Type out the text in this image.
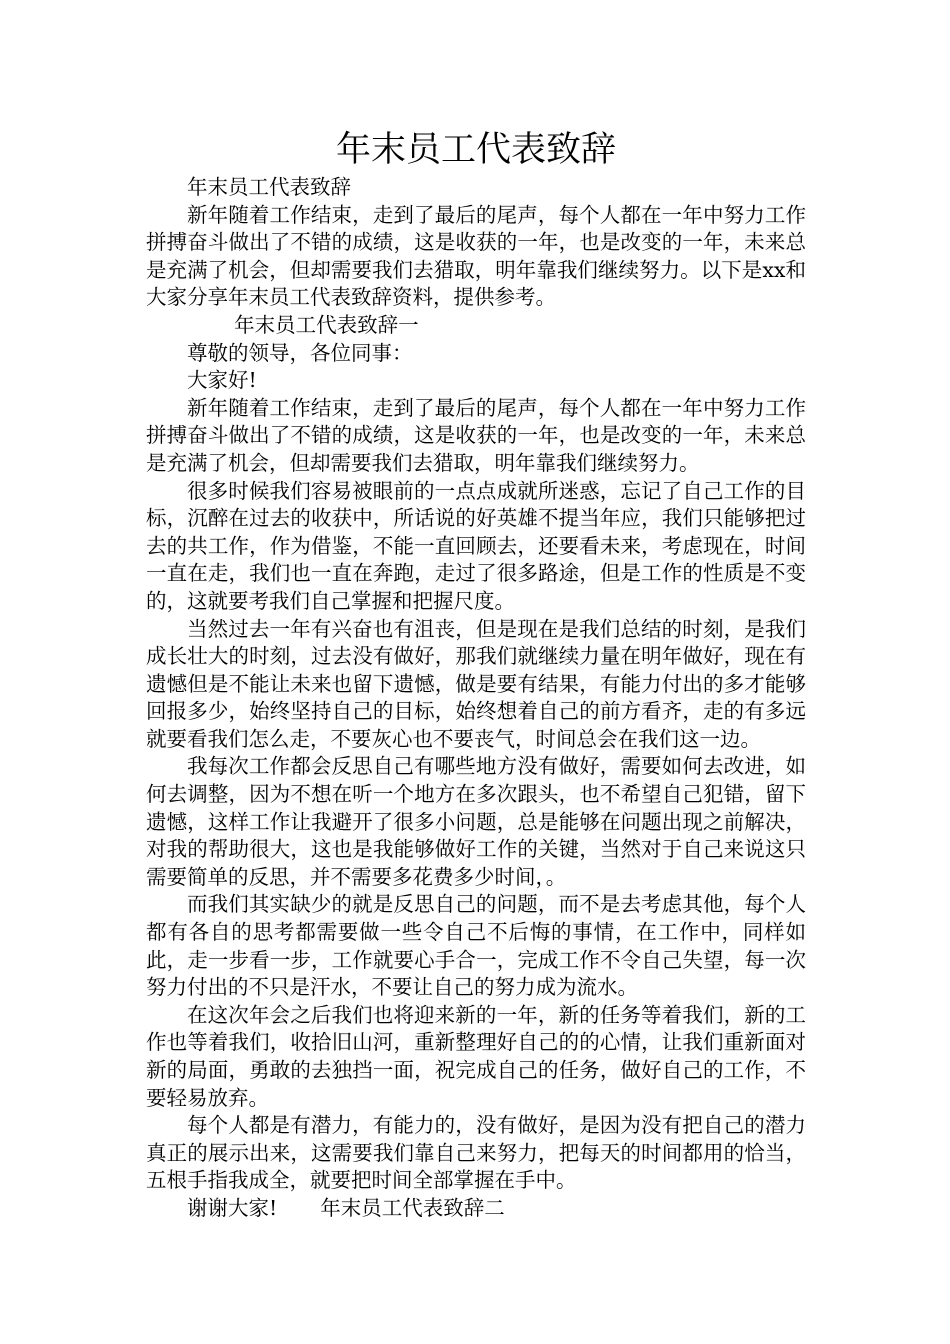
年末员工代表致辞

年末员工代表致辞

新年随着工作结束，走到了最后的尾声，每个人都在一年中努力工作拼搏奋斗做出了不错的成绩，这是收获的一年，也是改变的一年，未来总是充满了机会，但却需要我们去猎取，明年靠我们继续努力。以下是xx和大家分享年末员工代表致辞资料，提供参考。

年末员工代表致辞一

尊敬的领导，各位同事：

大家好!

新年随着工作结束，走到了最后的尾声，每个人都在一年中努力工作拼搏奋斗做出了不错的成绩，这是收获的一年，也是改变的一年，未来总是充满了机会，但却需要我们去猎取，明年靠我们继续努力。

很多时候我们容易被眼前的一点点成就所迷惑，忘记了自己工作的目标，沉醉在过去的收获中，所话说的好英雄不提当年应，我们只能够把过去的共工作，作为借鉴，不能一直回顾去，还要看未来，考虑现在，时间一直在走，我们也一直在奔跑，走过了很多路途，但是工作的性质是不变的，这就要考我们自己掌握和把握尺度。

当然过去一年有兴奋也有沮丧，但是现在是我们总结的时刻，是我们成长壮大的时刻，过去没有做好，那我们就继续力量在明年做好，现在有遗憾但是不能让未来也留下遗憾，做是要有结果，有能力付出的多才能够回报多少，始终坚持自己的目标，始终想着自己的前方看齐，走的有多远就要看我们怎么走，不要灰心也不要丧气，时间总会在我们这一边。

我每次工作都会反思自己有哪些地方没有做好，需要如何去改进，如何去调整，因为不想在听一个地方在多次跟头，也不希望自己犯错，留下遗憾，这样工作让我避开了很多小问题，总是能够在问题出现之前解决，对我的帮助很大，这也是我能够做好工作的关键，当然对于自己来说这只需要简单的反思，并不需要多花费多少时间，。

而我们其实缺少的就是反思自己的问题，而不是去考虑其他，每个人都有各自的思考都需要做一些令自己不后悔的事情，在工作中，同样如此，走一步看一步，工作就要心手合一，完成工作不令自己失望，每一次努力付出的不只是汗水，不要让自己的努力成为流水。

在这次年会之后我们也将迎来新的一年，新的任务等着我们，新的工作也等着我们，收拾旧山河，重新整理好自己的的心情，让我们重新面对新的局面，勇敢的去独挡一面，祝完成自己的任务，做好自己的工作，不要轻易放弃。

每个人都是有潜力，有能力的，没有做好，是因为没有把自己的潜力真正的展示出来，这需要我们靠自己来努力，把每天的时间都用的恰当，五根手指我成全，就要把时间全部掌握在手中。

谢谢大家! 年末员工代表致辞二
